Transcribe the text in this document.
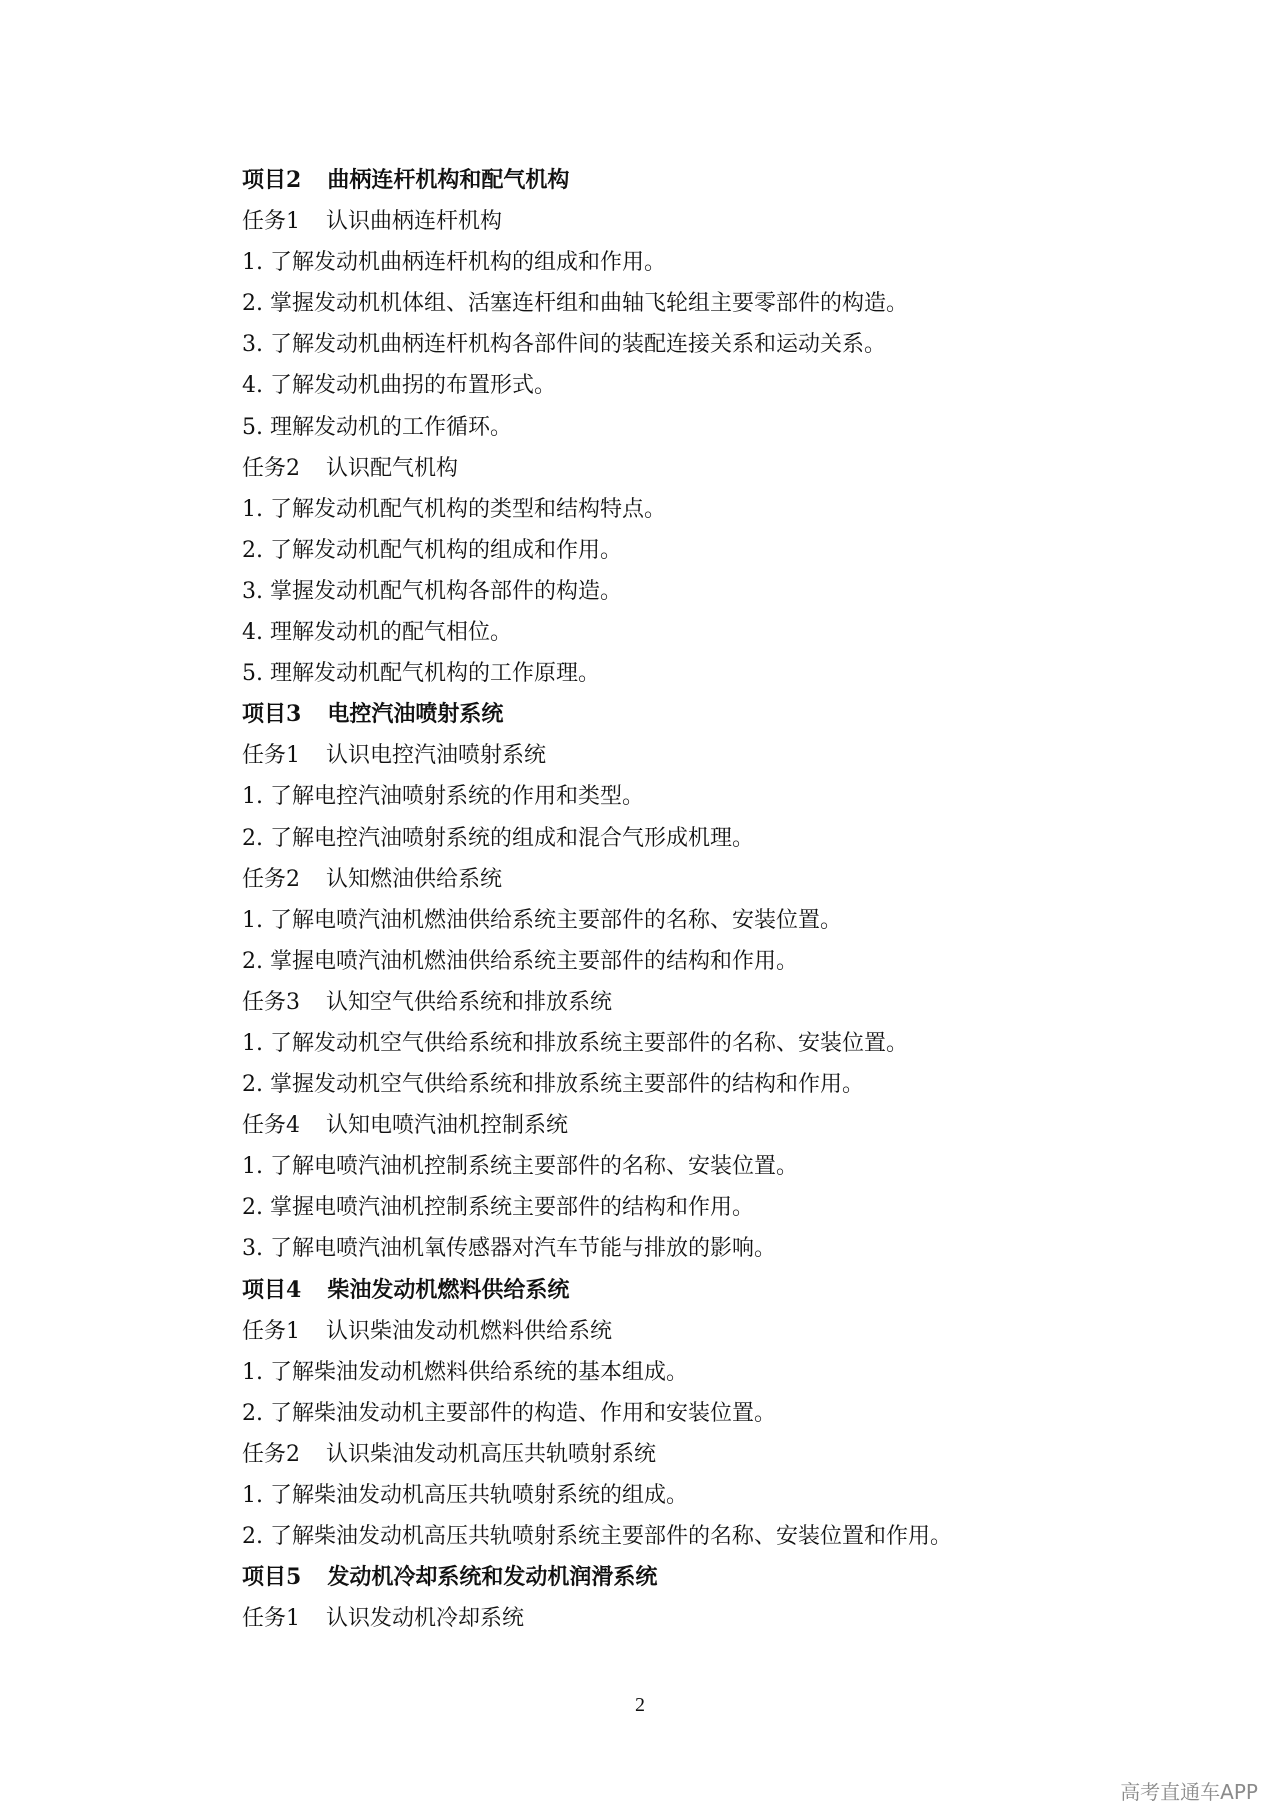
项目2 曲柄连杆机构和配气机构
任务1 认识曲柄连杆机构
1. 了解发动机曲柄连杆机构的组成和作用。
2. 掌握发动机机体组、活塞连杆组和曲轴飞轮组主要零部件的构造。
3. 了解发动机曲柄连杆机构各部件间的装配连接关系和运动关系。
4. 了解发动机曲拐的布置形式。
5. 理解发动机的工作循环。
任务2 认识配气机构
1. 了解发动机配气机构的类型和结构特点。
2. 了解发动机配气机构的组成和作用。
3. 掌握发动机配气机构各部件的构造。
4. 理解发动机的配气相位。
5. 理解发动机配气机构的工作原理。
项目3 电控汽油喷射系统
任务1 认识电控汽油喷射系统
1. 了解电控汽油喷射系统的作用和类型。
2. 了解电控汽油喷射系统的组成和混合气形成机理。
任务2 认知燃油供给系统
1. 了解电喷汽油机燃油供给系统主要部件的名称、安装位置。
2. 掌握电喷汽油机燃油供给系统主要部件的结构和作用。
任务3 认知空气供给系统和排放系统
1. 了解发动机空气供给系统和排放系统主要部件的名称、安装位置。
2. 掌握发动机空气供给系统和排放系统主要部件的结构和作用。
任务4 认知电喷汽油机控制系统
1. 了解电喷汽油机控制系统主要部件的名称、安装位置。
2. 掌握电喷汽油机控制系统主要部件的结构和作用。
3. 了解电喷汽油机氧传感器对汽车节能与排放的影响。
项目4 柴油发动机燃料供给系统
任务1 认识柴油发动机燃料供给系统
1. 了解柴油发动机燃料供给系统的基本组成。
2. 了解柴油发动机主要部件的构造、作用和安装位置。
任务2 认识柴油发动机高压共轨喷射系统
1. 了解柴油发动机高压共轨喷射系统的组成。
2. 了解柴油发动机高压共轨喷射系统主要部件的名称、安装位置和作用。
项目5 发动机冷却系统和发动机润滑系统
任务1 认识发动机冷却系统
2
高考直通车APP
